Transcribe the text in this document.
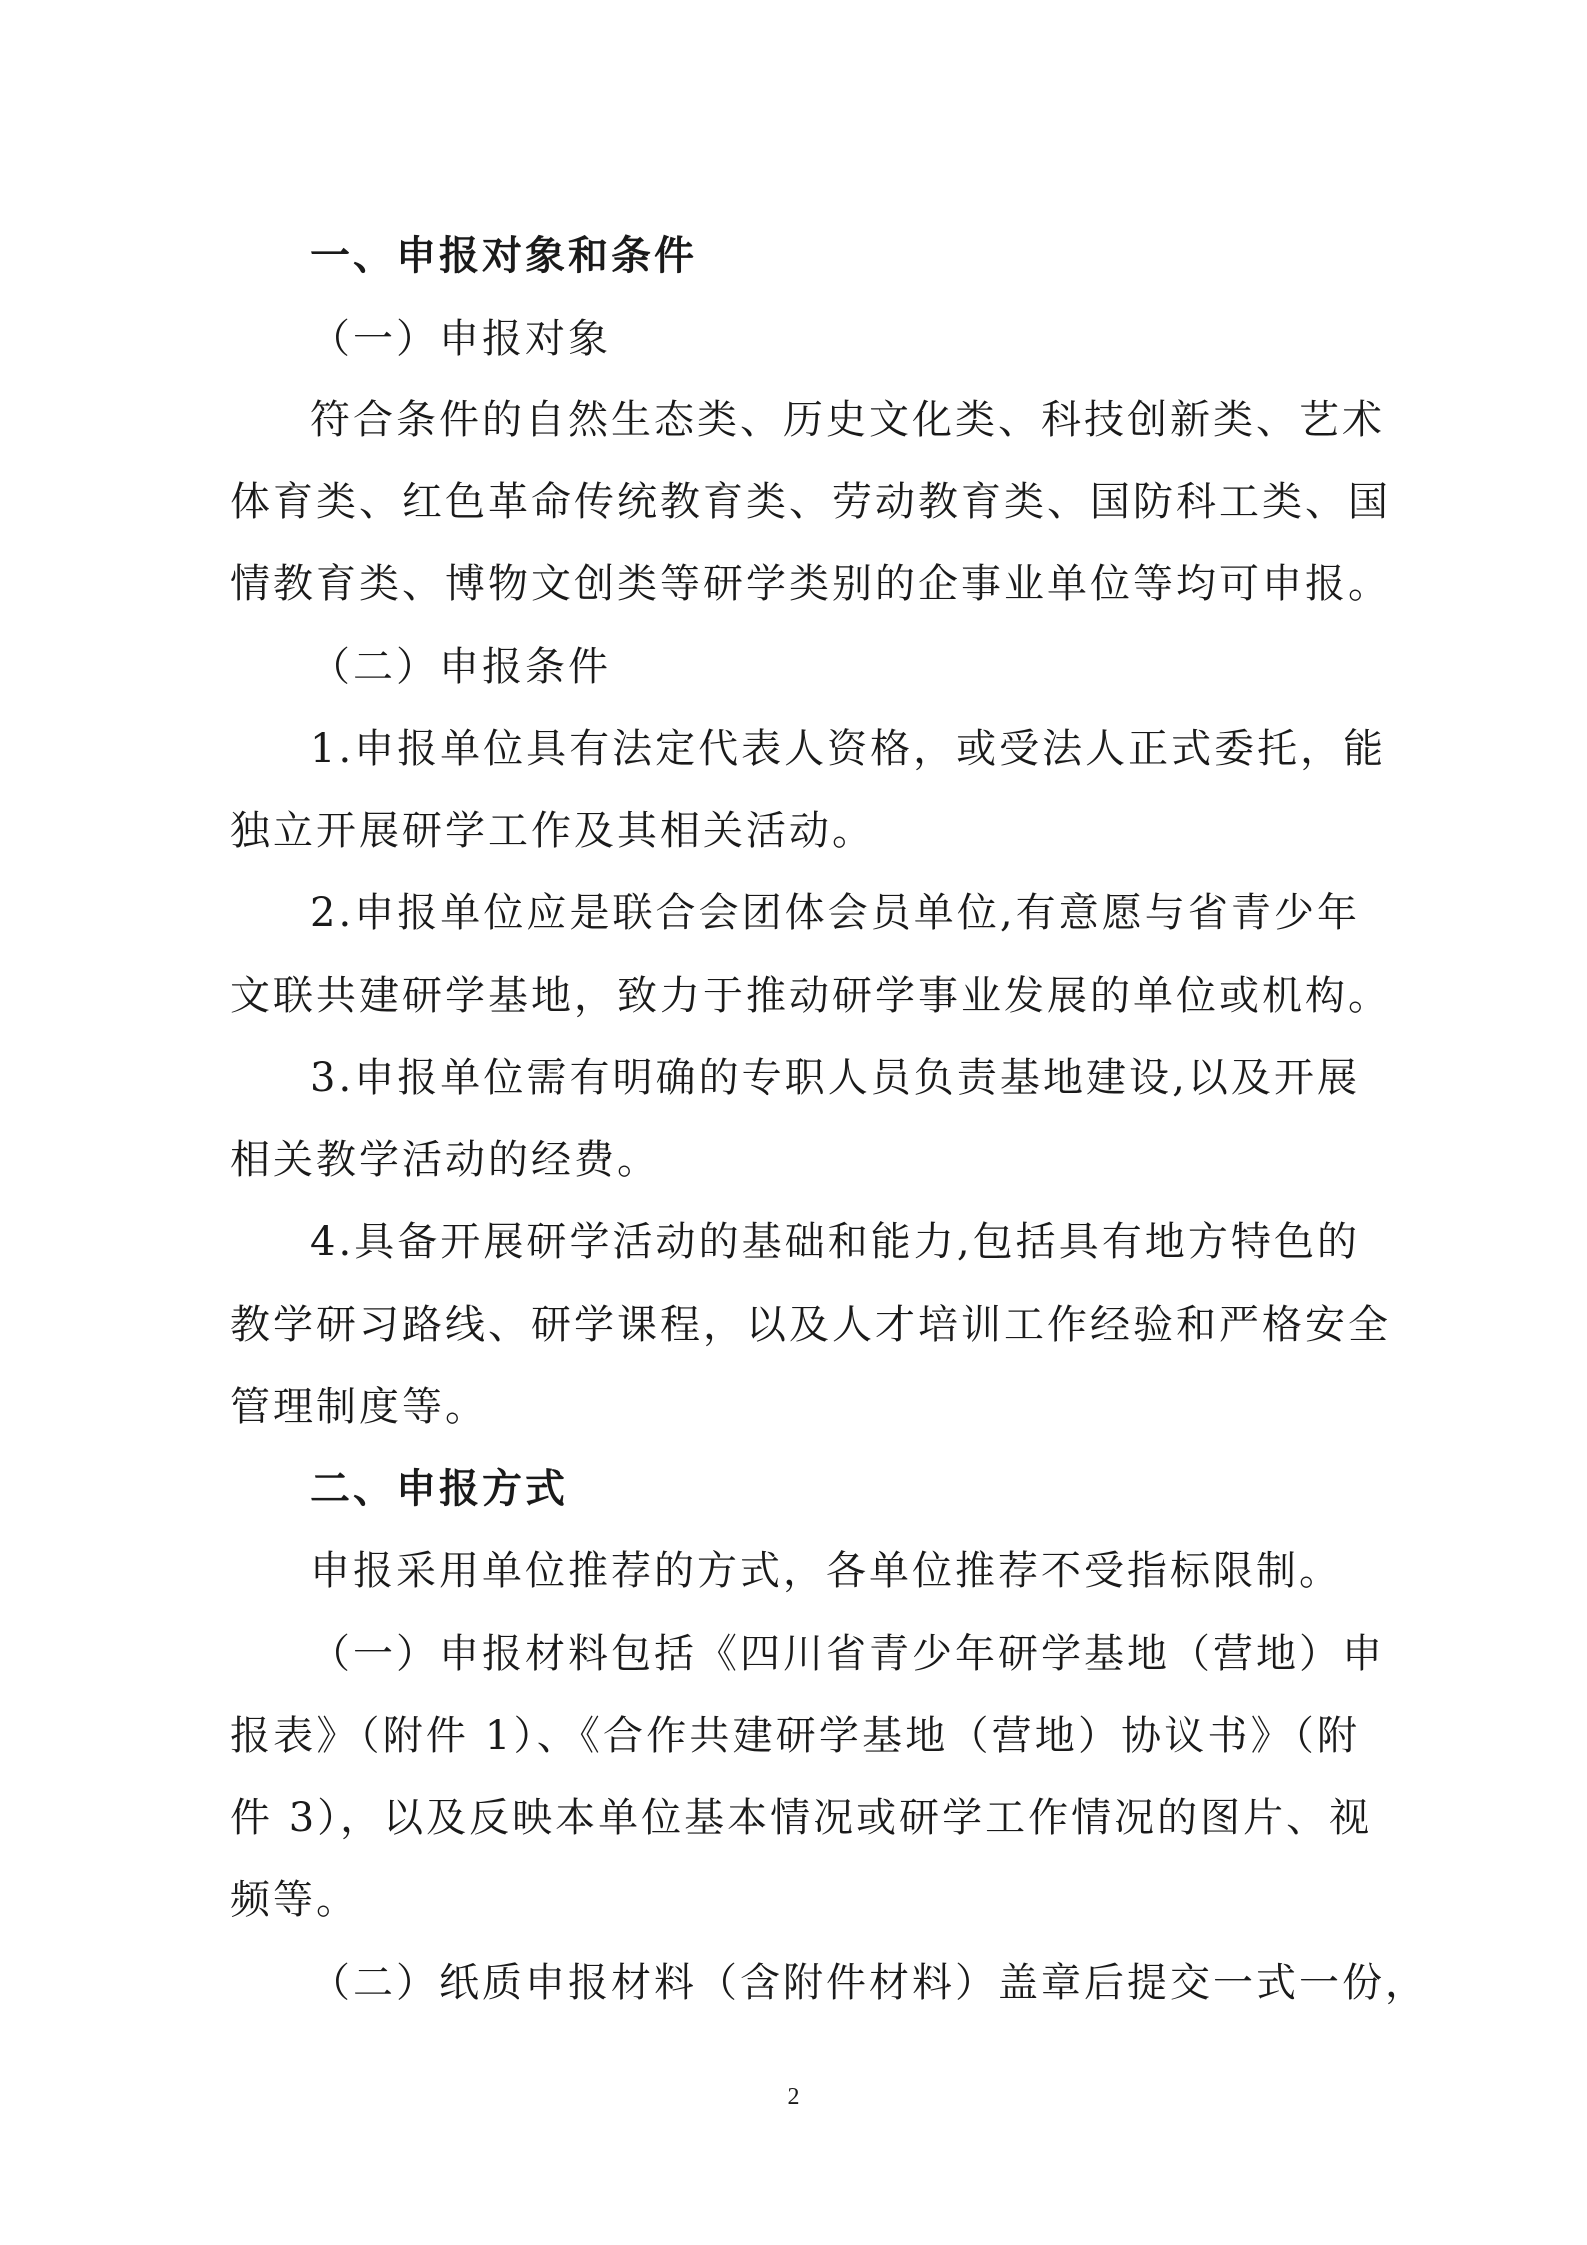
一、申报对象和条件
（一）申报对象
符合条件的自然生态类、历史文化类、科技创新类、艺术
体育类、红色革命传统教育类、劳动教育类、国防科工类、国
情教育类、博物文创类等研学类别的企事业单位等均可申报。
（二）申报条件
1.申报单位具有法定代表人资格，或受法人正式委托，能
独立开展研学工作及其相关活动。
2.申报单位应是联合会团体会员单位,有意愿与省青少年
文联共建研学基地，致力于推动研学事业发展的单位或机构。
3.申报单位需有明确的专职人员负责基地建设,以及开展
相关教学活动的经费。
4.具备开展研学活动的基础和能力,包括具有地方特色的
教学研习路线、研学课程，以及人才培训工作经验和严格安全
管理制度等。
二、申报方式
申报采用单位推荐的方式，各单位推荐不受指标限制。
（一）申报材料包括《四川省青少年研学基地（营地）申
报表》（附件 1）、《合作共建研学基地（营地）协议书》（附
件 3），以及反映本单位基本情况或研学工作情况的图片、视
频等。
（二）纸质申报材料（含附件材料）盖章后提交一式一份，
2
